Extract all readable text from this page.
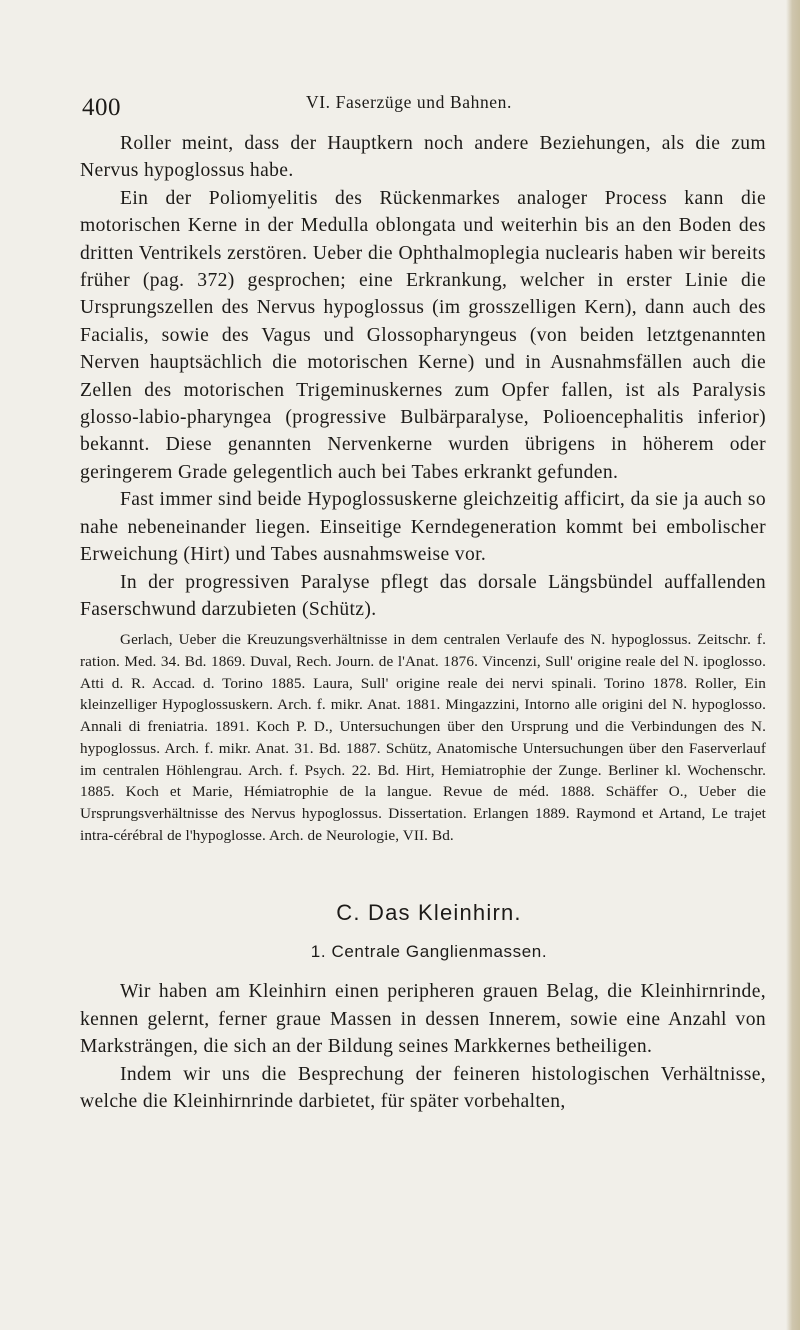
400	VI. Faserzüge und Bahnen.

Roller meint, dass der Hauptkern noch andere Beziehungen, als die zum Nervus hypoglossus habe.

Ein der Poliomyelitis des Rückenmarkes analoger Process kann die motorischen Kerne in der Medulla oblongata und weiterhin bis an den Boden des dritten Ventrikels zerstören. Ueber die Ophthalmoplegia nuclearis haben wir bereits früher (pag. 372) gesprochen; eine Erkrankung, welcher in erster Linie die Ursprungszellen des Nervus hypoglossus (im grosszelligen Kern), dann auch des Facialis, sowie des Vagus und Glossopharyngeus (von beiden letztgenannten Nerven hauptsächlich die motorischen Kerne) und in Ausnahmsfällen auch die Zellen des motorischen Trigeminuskernes zum Opfer fallen, ist als Paralysis glosso-labio-pharyngea (progressive Bulbärparalyse, Polioencephalitis inferior) bekannt. Diese genannten Nervenkerne wurden übrigens in höherem oder geringerem Grade gelegentlich auch bei Tabes erkrankt gefunden.

Fast immer sind beide Hypoglossuskerne gleichzeitig afficirt, da sie ja auch so nahe nebeneinander liegen. Einseitige Kerndegeneration kommt bei embolischer Erweichung (Hirt) und Tabes ausnahmsweise vor.

In der progressiven Paralyse pflegt das dorsale Längsbündel auffallenden Faserschwund darzubieten (Schütz).

Gerlach, Ueber die Kreuzungsverhältnisse in dem centralen Verlaufe des N. hypoglossus. Zeitschr. f. ration. Med. 34. Bd. 1869. Duval, Rech. Journ. de l'Anat. 1876. Vincenzi, Sull' origine reale del N. ipoglosso. Atti d. R. Accad. d. Torino 1885. Laura, Sull' origine reale dei nervi spinali. Torino 1878. Roller, Ein kleinzelliger Hypoglossuskern. Arch. f. mikr. Anat. 1881. Mingazzini, Intorno alle origini del N. hypoglosso. Annali di freniatria. 1891. Koch P. D., Untersuchungen über den Ursprung und die Verbindungen des N. hypoglossus. Arch. f. mikr. Anat. 31. Bd. 1887. Schütz, Anatomische Untersuchungen über den Faserverlauf im centralen Höhlengrau. Arch. f. Psych. 22. Bd. Hirt, Hemiatrophie der Zunge. Berliner kl. Wochenschr. 1885. Koch et Marie, Hémiatrophie de la langue. Revue de méd. 1888. Schäffer O., Ueber die Ursprungsverhältnisse des Nervus hypoglossus. Dissertation. Erlangen 1889. Raymond et Artand, Le trajet intra-cérébral de l'hypoglosse. Arch. de Neurologie, VII. Bd.

C. Das Kleinhirn.
1. Centrale Ganglienmassen.

Wir haben am Kleinhirn einen peripheren grauen Belag, die Kleinhirnrinde, kennen gelernt, ferner graue Massen in dessen Innerem, sowie eine Anzahl von Marksträngen, die sich an der Bildung seines Markkernes betheiligen.

Indem wir uns die Besprechung der feineren histologischen Verhältnisse, welche die Kleinhirnrinde darbietet, für später vorbehalten,
